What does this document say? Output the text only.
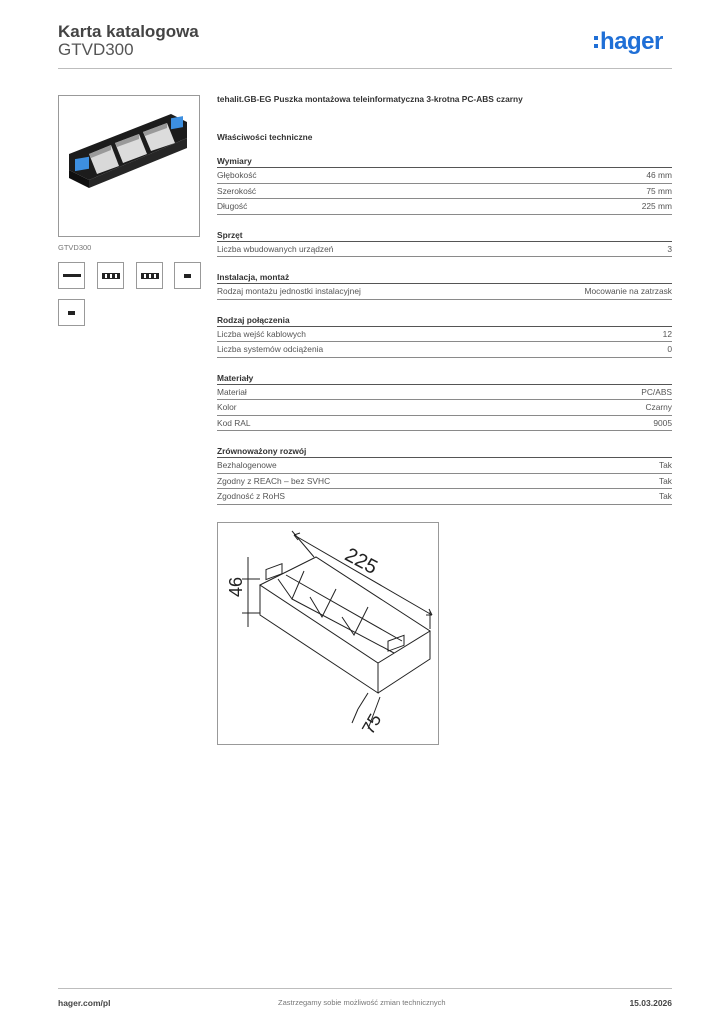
Karta katalogowa
GTVD300	hager
GTVD300

tehalit.GB-EG Puszka montażowa teleinformatyczna 3-krotna PC-ABS czarny

Właściwości techniczne
Wymiary
Głębokość	46 mm
Szerokość	75 mm
Długość	225 mm
Sprzęt
Liczba wbudowanych urządzeń	3
Instalacja, montaż
Rodzaj montażu jednostki instalacyjnej	Mocowanie na zatrzask
Rodzaj połączenia
Liczba wejść kablowych	12
Liczba systemów odciążenia	0
Materiały
Materiał	PC/ABS
Kolor	Czarny
Kod RAL	9005
Zrównoważony rozwój
Bezhalogenowe	Tak
Zgodny z REACh – bez SVHC	Tak
Zgodność z RoHS	Tak
46
225
75
hager.com/pl	Zastrzegamy sobie możliwość zmian technicznych	15.03.2026
